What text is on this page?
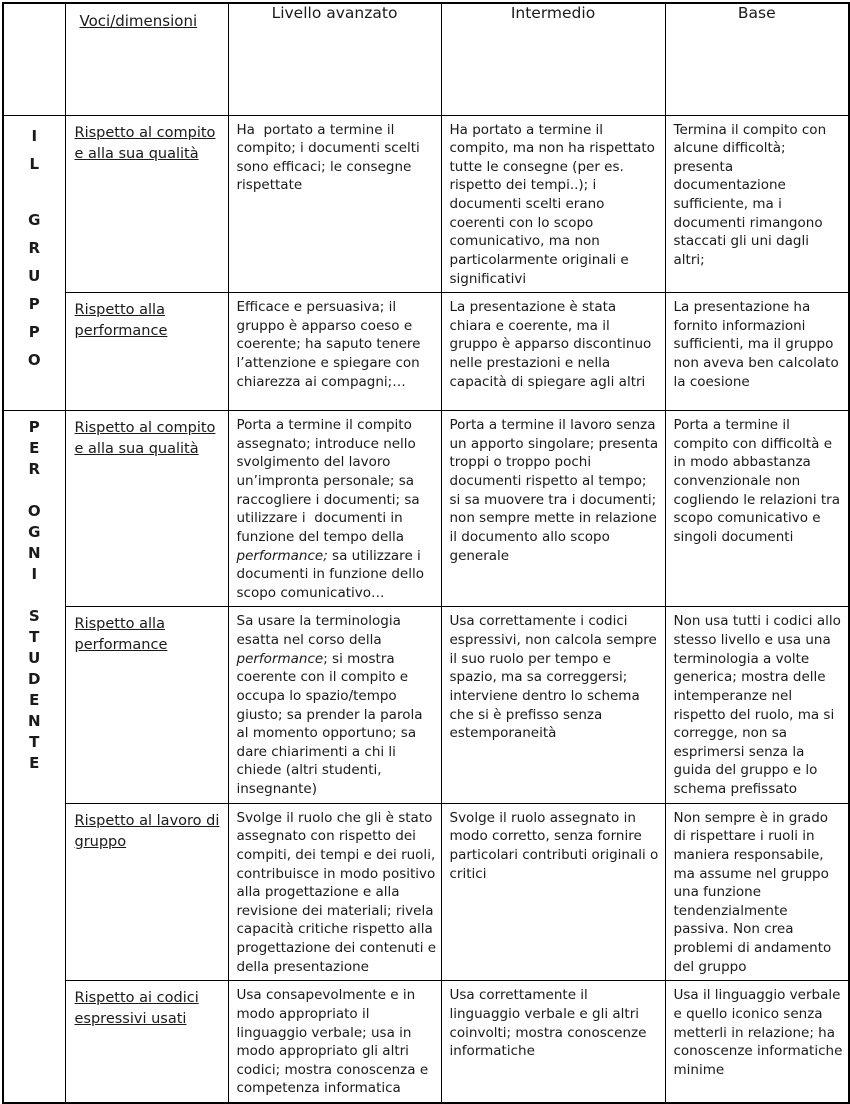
	Voci/dimensioni	Livello avanzato	Intermedio	Base

I
L
G
R
U
P
P
O
	Rispetto al compito e alla sua qualità	Ha  portato a termine il compito; i documenti scelti sono efficaci; le consegne rispettate	Ha portato a termine il compito, ma non ha rispettato tutte le consegne (per es. rispetto dei tempi..); i documenti scelti erano coerenti con lo scopo comunicativo, ma non particolarmente originali e significativi	Termina il compito con alcune difficoltà; presenta documentazione sufficiente, ma i documenti rimangono staccati gli uni dagli altri;
	Rispetto alla performance	Efficace e persuasiva; il gruppo è apparso coeso e coerente; ha saputo tenere l’attenzione e spiegare con chiarezza ai compagni;…	La presentazione è stata chiara e coerente, ma il gruppo è apparso discontinuo nelle prestazioni e nella capacità di spiegare agli altri	La presentazione ha fornito informazioni sufficienti, ma il gruppo non aveva ben calcolato la coesione

P
E
R
O
G
N
I
S
T
U
D
E
N
T
E
	Rispetto al compito e alla sua qualità	Porta a termine il compito assegnato; introduce nello svolgimento del lavoro un’impronta personale; sa raccogliere i documenti; sa utilizzare i  documenti in funzione del tempo della performance; sa utilizzare i documenti in funzione dello scopo comunicativo…	Porta a termine il lavoro senza un apporto singolare; presenta troppi o troppo pochi documenti rispetto al tempo; si sa muovere tra i documenti; non sempre mette in relazione il documento allo scopo generale	Porta a termine il compito con difficoltà e in modo abbastanza convenzionale non cogliendo le relazioni tra scopo comunicativo e singoli documenti
Rispetto alla performance	Sa usare la terminologia esatta nel corso della performance; si mostra coerente con il compito e occupa lo spazio/tempo giusto; sa prender la parola al momento opportuno; sa dare chiarimenti a chi li chiede (altri studenti, insegnante)	Usa correttamente i codici espressivi, non calcola sempre il suo ruolo per tempo e spazio, ma sa correggersi; interviene dentro lo schema che si è prefisso senza estemporaneità	Non usa tutti i codici allo stesso livello e usa una terminologia a volte generica; mostra delle intemperanze nel rispetto del ruolo, ma si corregge, non sa esprimersi senza la guida del gruppo e lo schema prefissato
	Rispetto al lavoro di gruppo	Svolge il ruolo che gli è stato assegnato con rispetto dei compiti, dei tempi e dei ruoli, contribuisce in modo positivo alla progettazione e alla revisione dei materiali; rivela capacità critiche rispetto alla progettazione dei contenuti e della presentazione	Svolge il ruolo assegnato in modo corretto, senza fornire particolari contributi originali o critici	Non sempre è in grado di rispettare i ruoli in maniera responsabile, ma assume nel gruppo una funzione tendenzialmente passiva. Non crea problemi di andamento del gruppo
	Rispetto ai codici espressivi usati	Usa consapevolmente e in modo appropriato il linguaggio verbale; usa in modo appropriato gli altri codici; mostra conoscenza e competenza informatica	Usa correttamente il linguaggio verbale e gli altri coinvolti; mostra conoscenze informatiche	Usa il linguaggio verbale e quello iconico senza metterli in relazione; ha conoscenze informatiche minime
